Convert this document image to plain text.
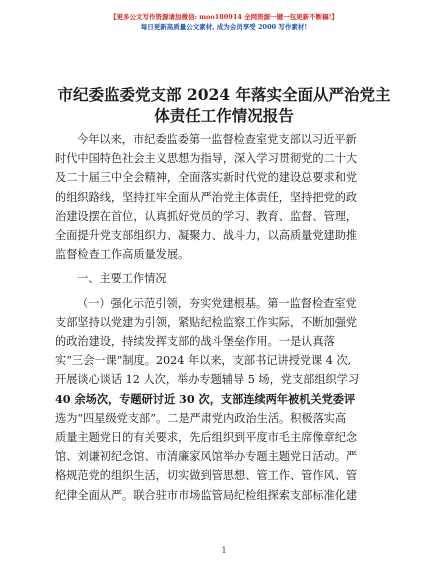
【更多公文写作资源请加微信: moo180914 全网资源一键一包更新不断稿!】
每日更新高质量公文素材, 成为会员享受 2000 写作素材!
市纪委监委党支部 2024 年落实全面从严治党主
体责任工作情况报告

今年以来，市纪委监委第一监督检查室党支部以习近平新

时代中国特色社会主义思想为指导，深入学习贯彻党的二十大

及二十届三中全会精神，全面落实新时代党的建设总要求和党

的组织路线，坚持扛牢全面从严治党主体责任，坚持把党的政

治建设摆在首位，认真抓好党员的学习、教育、监督、管理，

全面提升党支部组织力、凝聚力、战斗力，以高质量党建助推

监督检查工作高质量发展。

一、主要工作情况

（一）强化示范引领，夯实党建根基。第一监督检查室党

支部坚持以党建为引领，紧贴纪检监察工作实际，不断加强党

的政治建设，持续发挥支部的战斗堡垒作用。一是认真落

实“三会一课”制度。2024 年以来，支部书记讲授党课 4 次,

开展谈心谈话 12 人次，举办专题辅导 5 场，党支部组织学习

40 余场次，专题研讨近 30 次，支部连续两年被机关党委评

选为“四星级党支部”。二是严肃党内政治生活。积极落实高

质量主题党日的有关要求，先后组织到平度市毛主席像章纪念

馆、刘谦初纪念馆、市清廉家风馆举办专题主题党日活动。严

格规范党的组织生活，切实做到管思想、管工作、管作风、管

纪律全面从严。联合驻市市场监管局纪检组探索支部标准化建

1
